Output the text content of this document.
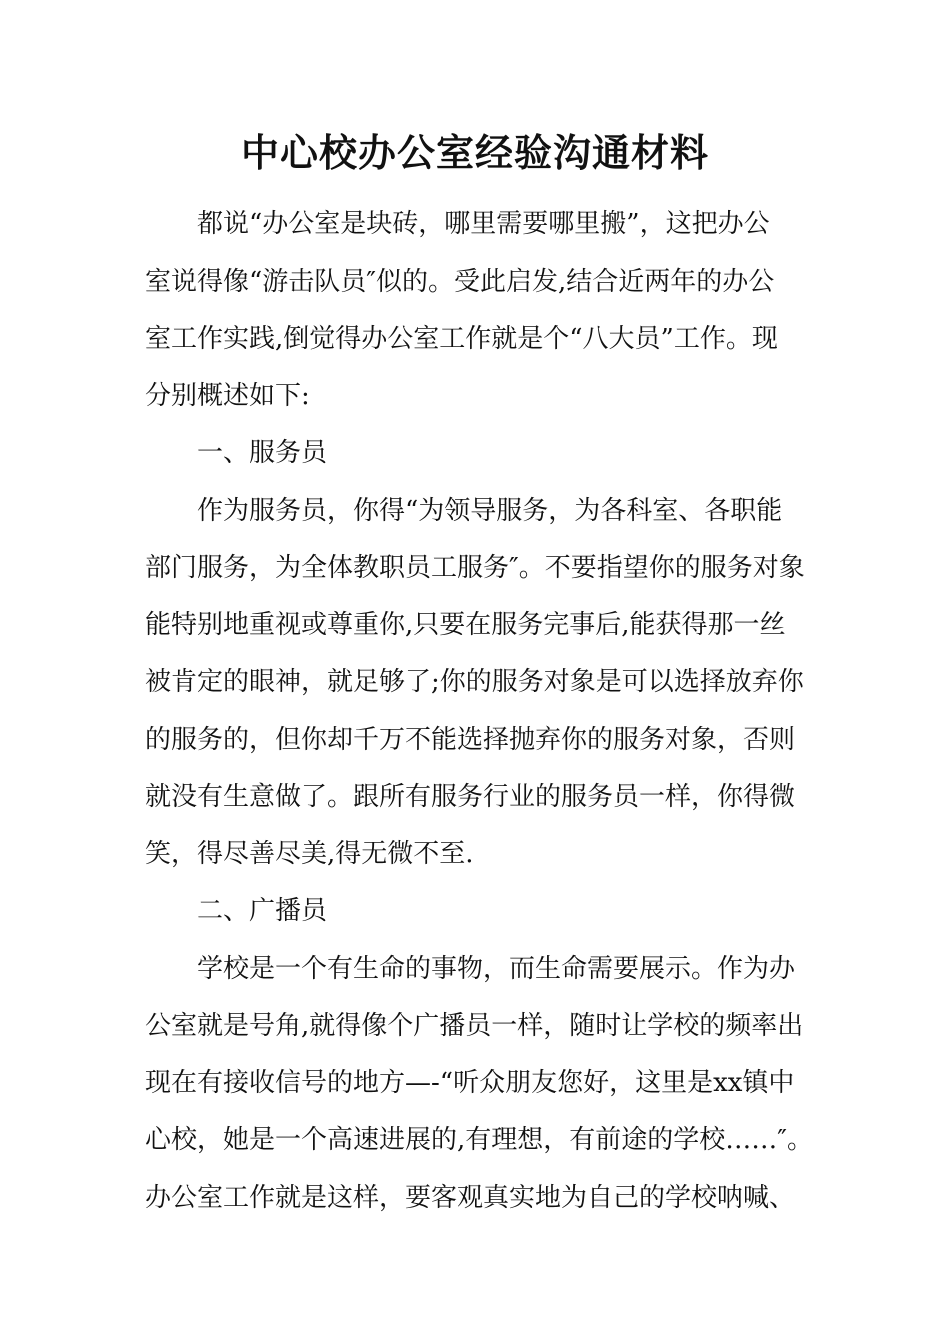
中心校办公室经验沟通材料

　　都说“办公室是块砖，哪里需要哪里搬”，这把办公

室说得像“游击队员″似的。受此启发,结合近两年的办公

室工作实践,倒觉得办公室工作就是个“八大员”工作。现

分别概述如下:

　　一、服务员

　　作为服务员，你得“为领导服务，为各科室、各职能

部门服务，为全体教职员工服务″。不要指望你的服务对象

能特别地重视或尊重你,只要在服务完事后,能获得那一丝

被肯定的眼神，就足够了;你的服务对象是可以选择放弃你

的服务的，但你却千万不能选择抛弃你的服务对象，否则

就没有生意做了。跟所有服务行业的服务员一样，你得微

笑，得尽善尽美,得无微不至.

　　二、广播员

　　学校是一个有生命的事物，而生命需要展示。作为办

公室就是号角,就得像个广播员一样，随时让学校的频率出

现在有接收信号的地方—-“听众朋友您好，这里是xx镇中

心校，她是一个高速进展的,有理想，有前途的学校……″。

办公室工作就是这样，要客观真实地为自己的学校呐喊、
